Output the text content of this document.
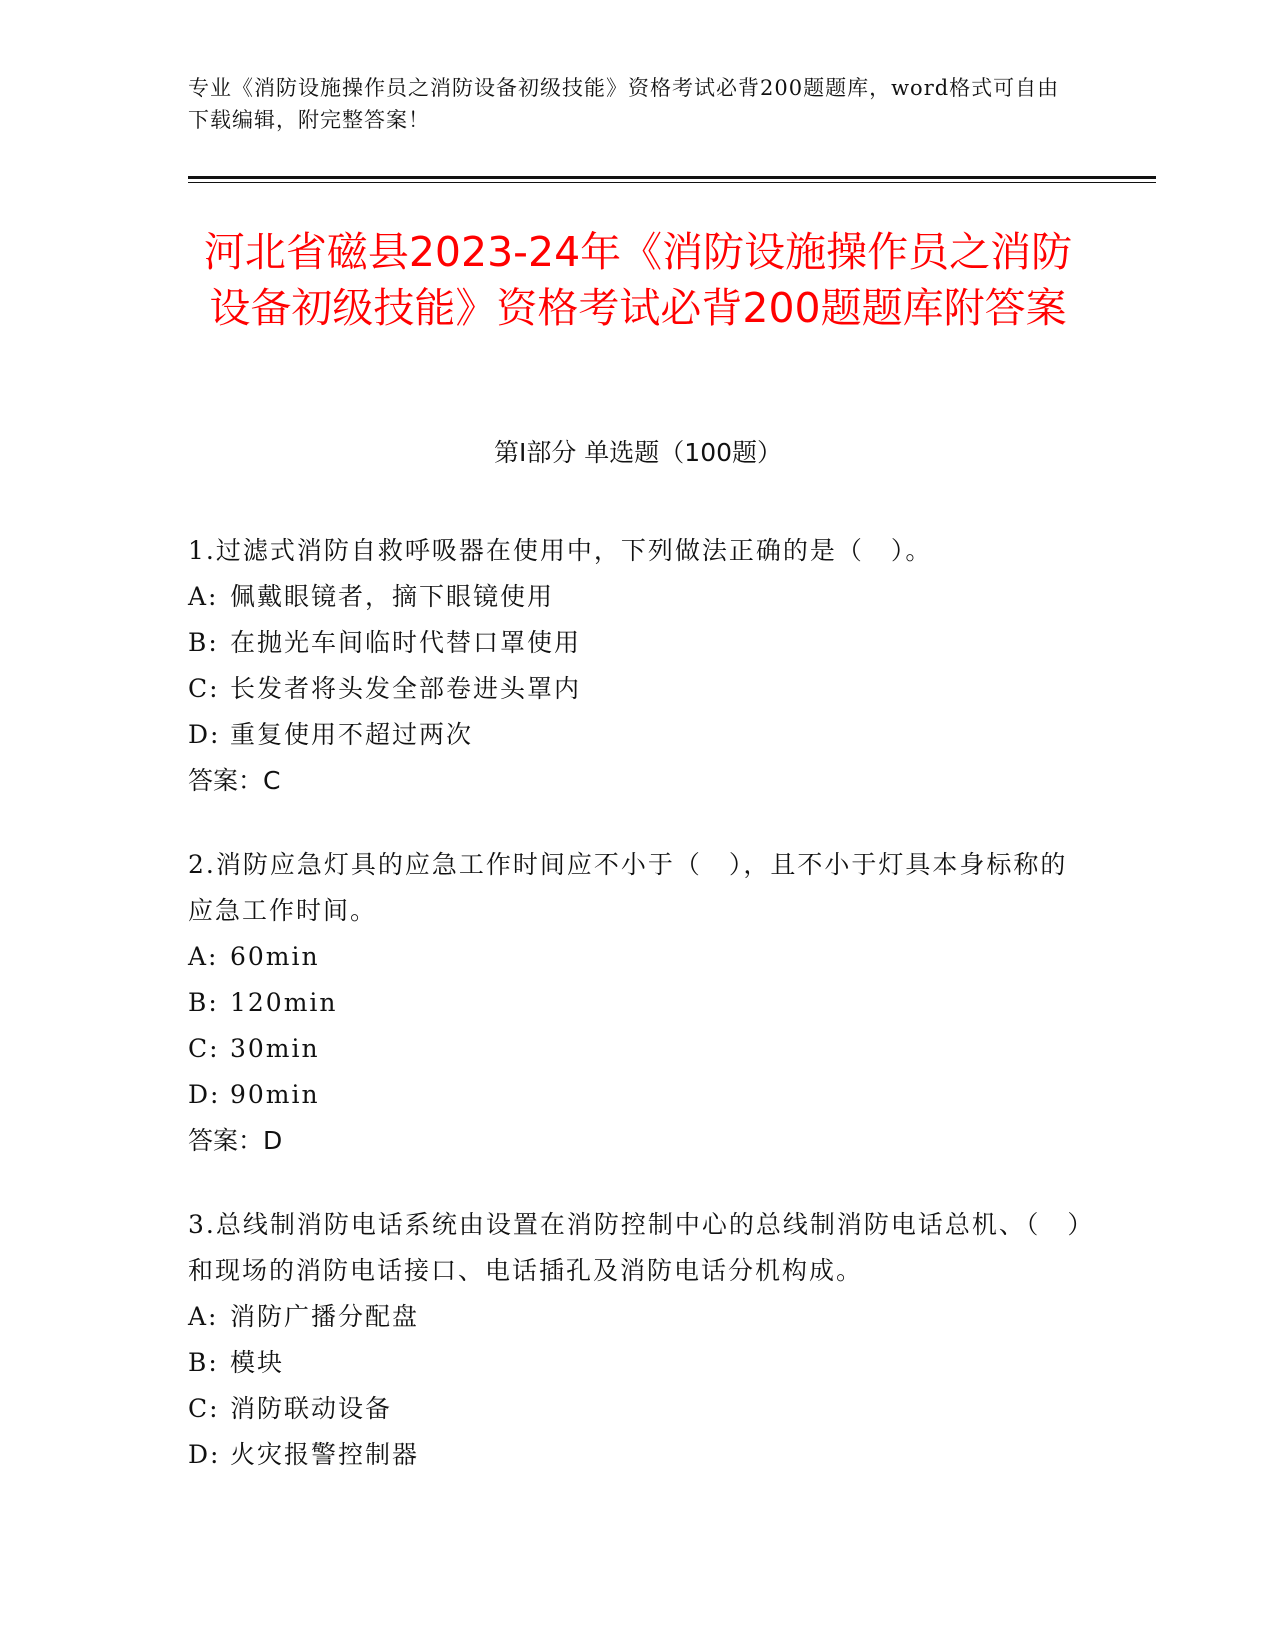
专业《消防设施操作员之消防设备初级技能》资格考试必背200题题库，word格式可自由下载编辑，附完整答案！
河北省磁县2023-24年《消防设施操作员之消防设备初级技能》资格考试必背200题题库附答案
第Ⅰ部分 单选题（100题）
1.过滤式消防自救呼吸器在使用中，下列做法正确的是（　）。
A: 佩戴眼镜者，摘下眼镜使用
B: 在抛光车间临时代替口罩使用
C: 长发者将头发全部卷进头罩内
D: 重复使用不超过两次
答案：C
2.消防应急灯具的应急工作时间应不小于（　），且不小于灯具本身标称的应急工作时间。
A: 60min
B: 120min
C: 30min
D: 90min
答案：D
3.总线制消防电话系统由设置在消防控制中心的总线制消防电话总机、（　）和现场的消防电话接口、电话插孔及消防电话分机构成。
A: 消防广播分配盘
B: 模块
C: 消防联动设备
D: 火灾报警控制器
